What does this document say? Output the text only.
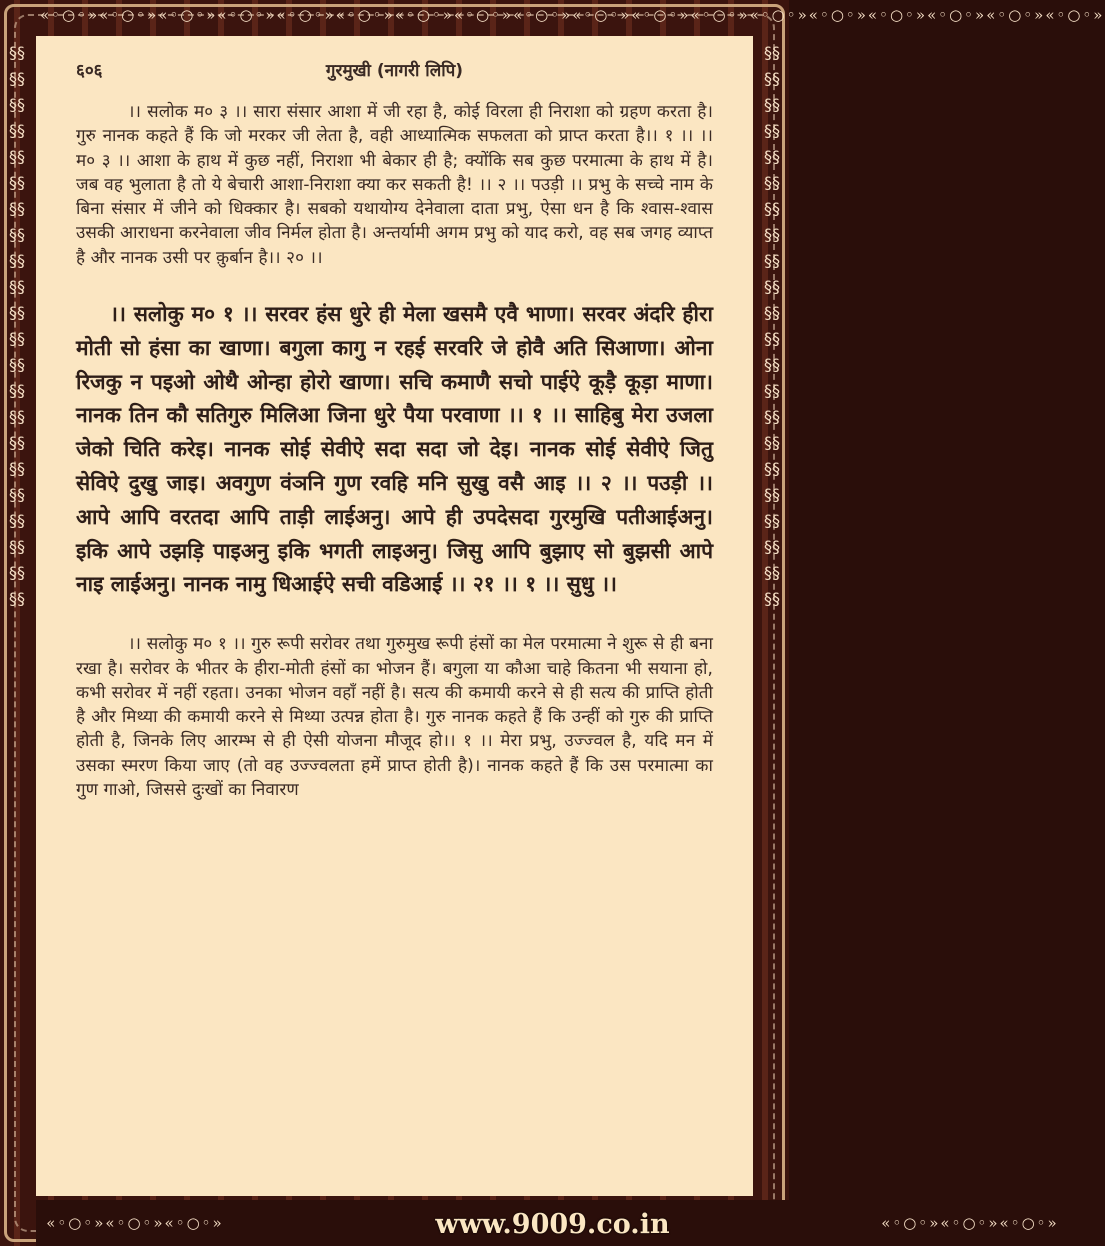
«◦○◦»«◦○◦»«◦○◦»«◦○◦»«◦○◦»«◦○◦»«◦○◦»«◦○◦»«◦○◦»«◦○◦»«◦○◦»«◦○◦»«◦○◦»«◦○◦»«◦○◦»«◦○◦»«◦○◦»«◦○◦»
§§§§§§§§§§§§§§§§§§§§§§§§§§§§§§§§§§§§§§§§§§§§
§§§§§§§§§§§§§§§§§§§§§§§§§§§§§§§§§§§§§§§§§§§§
६०६	गुरमुखी (नागरी लिपि)

।। सलोक म० ३ ।। सारा संसार आशा में जी रहा है, कोई विरला ही निराशा को ग्रहण करता है। गुरु नानक कहते हैं कि जो मरकर जी लेता है, वही आध्यात्मिक सफलता को प्राप्त करता है।। १ ।। ।। म० ३ ।। आशा के हाथ में कुछ नहीं, निराशा भी बेकार ही है; क्योंकि सब कुछ परमात्मा के हाथ में है। जब वह भुलाता है तो ये बेचारी आशा-निराशा क्या कर सकती है! ।। २ ।। पउड़ी ।। प्रभु के सच्चे नाम के बिना संसार में जीने को धिक्कार है। सबको यथायोग्य देनेवाला दाता प्रभु, ऐसा धन है कि श्वास-श्वास उसकी आराधना करनेवाला जीव निर्मल होता है। अन्तर्यामी अगम प्रभु को याद करो, वह सब जगह व्याप्त है और नानक उसी पर क़ुर्बान है।। २० ।।

।। सलोकु म० १ ।। सरवर हंस धुरे ही मेला खसमै एवै भाणा। सरवर अंदरि हीरा मोती सो हंसा का खाणा। बगुला कागु न रहई सरवरि जे होवै अति सिआणा। ओना रिजकु न पइओ ओथै ओन्हा होरो खाणा। सचि कमाणै सचो पाईऐ कूड़ै कूड़ा माणा। नानक तिन कौ सतिगुरु मिलिआ जिना धुरे पैया परवाणा ।। १ ।। साहिबु मेरा उजला जेको चिति करेइ। नानक सोई सेवीऐ सदा सदा जो देइ। नानक सोई सेवीऐ जितु सेविऐ दुखु जाइ। अवगुण वंञनि गुण रवहि मनि सुखु वसै आइ ।। २ ।। पउड़ी ।। आपे आपि वरतदा आपि ताड़ी लाईअनु। आपे ही उपदेसदा गुरमुखि पतीआईअनु। इकि आपे उझड़ि पाइअनु इकि भगती लाइअनु। जिसु आपि बुझाए सो बुझसी आपे नाइ लाईअनु। नानक नामु धिआईऐ सची वडिआई ।। २१ ।। १ ।। सुधु ।।

।। सलोकु म० १ ।। गुरु रूपी सरोवर तथा गुरुमुख रूपी हंसों का मेल परमात्मा ने शुरू से ही बना रखा है। सरोवर के भीतर के हीरा-मोती हंसों का भोजन हैं। बगुला या कौआ चाहे कितना भी सयाना हो, कभी सरोवर में नहीं रहता। उनका भोजन वहाँ नहीं है। सत्य की कमायी करने से ही सत्य की प्राप्ति होती है और मिथ्या की कमायी करने से मिथ्या उत्पन्न होता है। गुरु नानक कहते हैं कि उन्हीं को गुरु की प्राप्ति होती है, जिनके लिए आरम्भ से ही ऐसी योजना मौजूद हो।। १ ।। मेरा प्रभु, उज्ज्वल है, यदि मन में उसका स्मरण किया जाए (तो वह उज्ज्वलता हमें प्राप्त होती है)। नानक कहते हैं कि उस परमात्मा का गुण गाओ, जिससे दुःखों का निवारण

«◦○◦»«◦○◦»«◦○◦»	«◦○◦»«◦○◦»«◦○◦»
www.9009.co.in
